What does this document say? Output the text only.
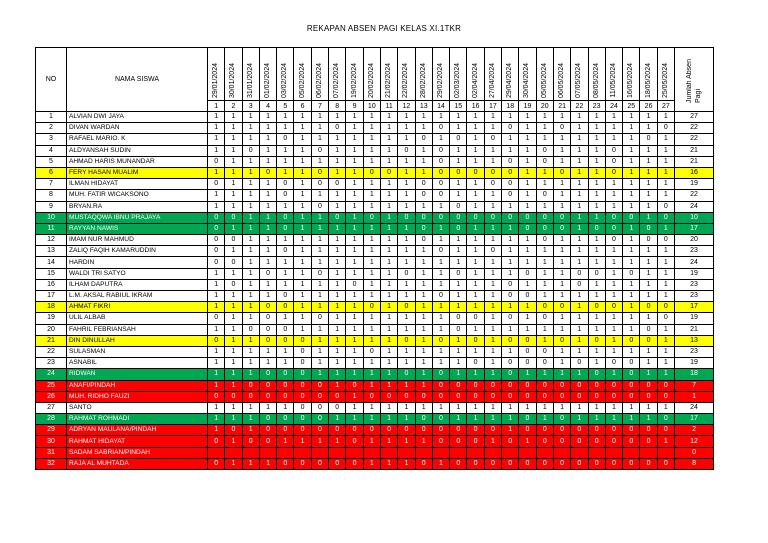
REKAPAN ABSEN PAGI KELAS XI.1TKR
NO	NAMA SISWA	29/01/2024	30/01/2024	31/01/2024	01/02/2024	03/02/2024	05/02/2024	06/02/2024	07/02/2024	19/02/2024	20/02/2024	21/02/2024	22/02/2024	28/02/2024	29/02/2024	02/03/2024	02/04/2024	27/04/2024	29/04/2024	30/04/2024	05/05/2024	06/05/2024	07/05/2024	08/05/2024	11/05/2024	16/05/2024	18/05/2024	25/05/2024	Jumlah Absen Pagi
		1	2	3	4	5	6	7	8	9	10	11	12	13	14	15	16	17	18	19	20	21	22	23	24	25	26	27	
1	ALVIAN DWI JAYA	1	1	1	1	1	1	1	1	1	1	1	1	1	1	1	1	1	1	1	1	1	1	1	1	1	1	1	27
2	DIVAN WARDAN	1	1	1	1	1	1	1	0	1	1	1	1	1	0	1	1	1	0	1	1	0	1	1	1	1	1	0	22
3	RAFAEL MARIO. K	1	1	1	1	0	1	1	1	1	1	1	1	0	1	0	1	0	1	1	1	1	1	1	1	1	0	1	22
4	ALDYANSAH SUDIN	1	1	0	1	1	1	0	1	1	1	1	0	1	0	1	1	1	1	1	0	1	1	1	0	1	1	1	21
5	AHMAD HARIS MUNANDAR	0	1	1	1	1	1	1	1	1	1	1	1	1	0	1	1	1	0	1	0	1	1	1	0	1	1	1	21
6	FERY HASAN MUALIM	1	1	1	0	1	1	0	1	1	0	0	1	1	0	0	0	0	0	1	1	0	1	1	0	1	1	1	16
7	ILMAN HIDAYAT	0	1	1	1	0	1	0	0	1	1	1	1	0	0	1	1	0	0	1	1	1	1	1	1	1	1	1	19
8	MUH. FATIR WICAKSONO	1	1	1	1	0	1	1	1	1	1	1	1	0	0	1	1	1	0	1	0	1	1	1	1	1	1	1	22
9	BRYAN.RA	1	1	1	1	1	1	0	1	1	1	1	1	1	1	0	1	1	1	1	1	1	1	1	1	1	1	0	24
10	MUSTAQQWA IBNU PRAJAYA	0	0	1	1	0	1	1	0	1	0	1	0	0	0	0	0	0	0	0	0	0	1	1	0	0	1	0	10
11	RAYYAN NAWIS	0	1	1	1	0	1	1	1	1	1	1	1	0	1	0	1	1	1	0	0	0	1	0	0	1	0	1	17
12	IMAM NUR MAHMUD	0	0	1	1	1	1	1	1	1	1	1	1	0	1	1	1	1	1	1	0	1	1	1	0	1	0	0	20
13	ZALIQ FAQIH KAMARUDDIN	0	1	1	1	0	1	1	1	1	1	1	1	1	0	1	1	0	1	1	1	1	1	1	1	1	1	1	23
14	HARDIN	0	0	1	1	1	1	1	1	1	1	1	1	1	1	1	1	1	1	1	1	1	1	1	1	1	1	1	24
15	WALDI TRI SATYO	1	1	1	0	1	1	0	1	1	1	1	0	1	1	0	1	1	1	0	1	1	0	0	1	0	1	1	19
16	ILHAM DAPUTRA	1	0	1	1	1	1	1	1	0	1	1	1	1	1	1	1	1	0	1	1	1	0	1	1	1	1	1	23
17	L.M. AKSAL RABIUL IKRAM	1	1	1	1	0	1	1	1	1	1	1	1	1	0	1	1	1	0	0	1	1	1	1	1	1	1	1	23
18	AHMAT FIKRI	1	1	1	0	0	1	1	1	1	0	1	0	1	1	1	1	1	1	1	0	0	1	0	0	1	0	0	17
19	ULIL ALBAB	0	1	1	0	1	1	0	1	1	1	1	1	1	1	0	0	1	0	1	0	1	1	1	1	1	1	0	19
20	FAHRIL FEBRIANSAH	1	1	0	0	0	1	1	1	1	1	1	1	1	1	0	1	1	1	1	1	1	1	1	1	1	0	1	21
21	DIN DINULLAH	0	1	1	0	0	0	1	1	1	1	1	0	1	0	1	0	1	0	0	1	0	1	0	1	0	0	1	13
22	SULASMAN	1	1	1	1	1	0	1	1	1	0	1	1	1	1	1	1	1	1	0	0	1	1	1	1	1	1	1	23
23	ASNABIL	1	1	1	1	1	0	1	1	1	1	1	1	1	1	1	0	1	0	0	0	1	0	1	0	0	1	1	19
24	RIDWAN	1	1	1	0	0	0	1	1	1	1	1	0	1	0	1	1	1	0	1	1	1	1	0	1	0	1	1	18
25	ANAFI/PINDAH	1	1	0	0	0	0	0	1	0	1	1	1	1	0	0	0	0	0	0	0	0	0	0	0	0	0	0	7
26	MUH. RIDHO FAUZI	0	0	0	0	0	0	0	0	1	0	0	0	0	0	0	0	0	0	0	0	0	0	0	0	0	0	0	1
27	SANTO	1	1	1	1	1	0	0	0	1	1	1	1	1	1	1	1	1	1	1	1	1	1	1	1	1	1	1	24
28	RAHMAT ROHMADI	1	1	1	0	0	0	0	1	1	1	1	1	0	0	1	1	1	1	0	1	0	1	1	1	1	1	0	17
29	ADRYAN MAULANA/PINDAH	1	0	1	0	0	0	0	0	0	0	0	0	0	0	0	0	0	1	0	0	0	0	0	0	0	0	0	2
30	RAHMAT HIDAYAT	0	1	0	0	1	1	1	1	0	1	1	1	1	0	0	0	1	0	1	0	0	0	0	0	0	0	1	12
31	SADAM SABRIAN/PINDAH																												0
32	RAJA AL MUHTADA	0	1	1	1	0	0	0	0	0	1	1	1	0	1	0	0	0	0	0	0	0	0	0	0	0	0	0	8
